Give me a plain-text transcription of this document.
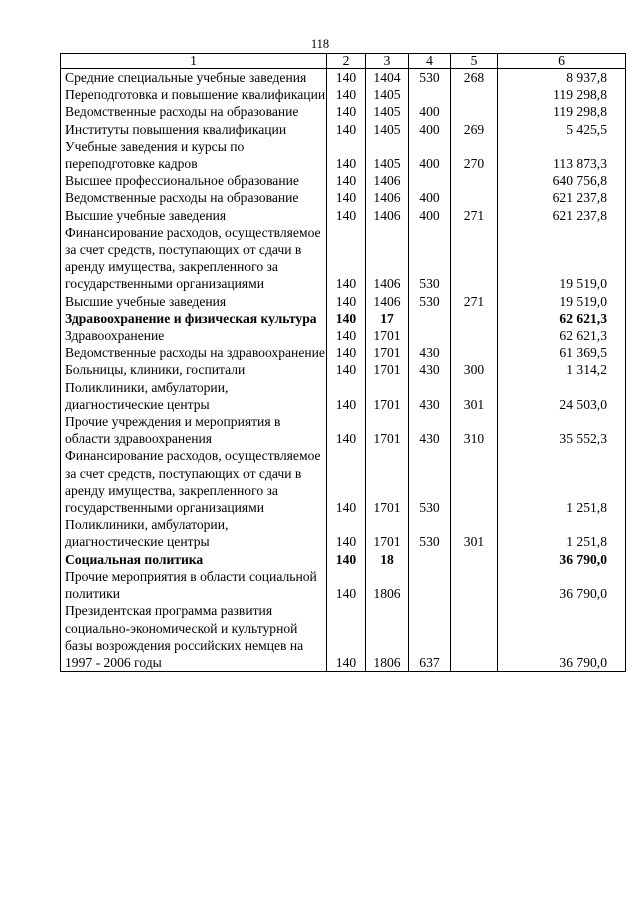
118
1	2	3	4	5	6
Средние специальные учебные заведения	140	1404	530	268	8 937,8
Переподготовка и повышение квалификации	140	1405			119 298,8
Ведомственные расходы на образование	140	1405	400		119 298,8
Институты повышения квалификации	140	1405	400	269	5 425,5
Учебные заведения и курсы по переподготовке кадров	140	1405	400	270	113 873,3
Высшее профессиональное образование	140	1406			640 756,8
Ведомственные расходы на образование	140	1406	400		621 237,8
Высшие учебные заведения	140	1406	400	271	621 237,8
Финансирование расходов, осуществляемое за счет средств, поступающих от сдачи в аренду имущества, закрепленного за государственными организациями	140	1406	530		19 519,0
Высшие учебные заведения	140	1406	530	271	19 519,0
Здравоохранение и физическая культура	140	17			62 621,3
Здравоохранение	140	1701			62 621,3
Ведомственные расходы на здравоохранение	140	1701	430		61 369,5
Больницы, клиники, госпитали	140	1701	430	300	1 314,2
Поликлиники, амбулатории, диагностические центры	140	1701	430	301	24 503,0
Прочие учреждения и мероприятия в области здравоохранения	140	1701	430	310	35 552,3
Финансирование расходов, осуществляемое за счет средств, поступающих от сдачи в аренду имущества, закрепленного за государственными организациями	140	1701	530		1 251,8
Поликлиники, амбулатории, диагностические центры	140	1701	530	301	1 251,8
Социальная политика	140	18			36 790,0
Прочие мероприятия в области социальной политики	140	1806			36 790,0
Президентская программа развития социально-экономической и культурной базы возрождения российских немцев на 1997 - 2006 годы	140	1806	637		36 790,0
